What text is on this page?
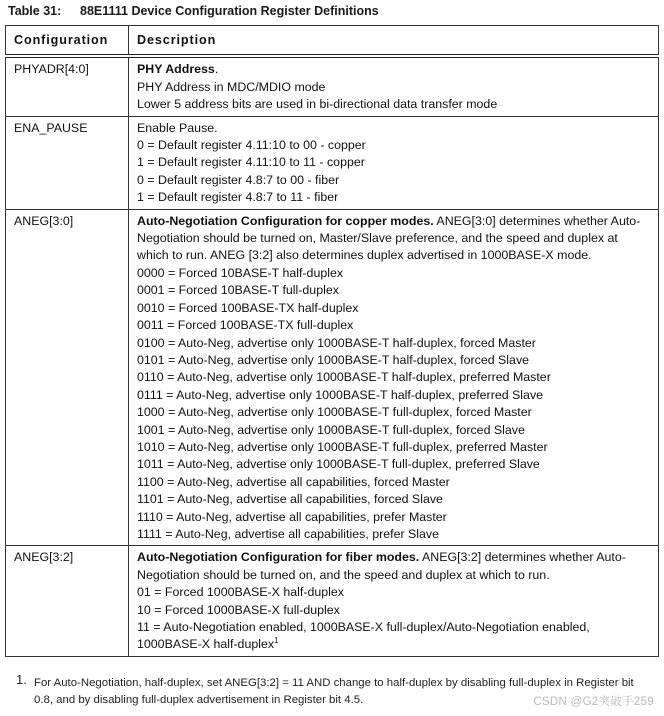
Table 31: 88E1111 Device Configuration Register Definitions
Configuration	Description
PHYADR[4:0]	PHY Address.
PHY Address in MDC/MDIO mode
Lower 5 address bits are used in bi-directional data transfer mode

ENA_PAUSE	Enable Pause.
0 = Default register 4.11:10 to 00 - copper
1 = Default register 4.11:10 to 11 - copper
0 = Default register 4.8:7 to 00 - fiber
1 = Default register 4.8:7 to 11 - fiber

ANEG[3:0]	Auto-Negotiation Configuration for copper modes. ANEG[3:0] determines whether Auto-Negotiation should be turned on, Master/Slave preference, and the speed and duplex at which to run. ANEG [3:2] also determines duplex advertised in 1000BASE-X mode.
0000 = Forced 10BASE-T half-duplex
0001 = Forced 10BASE-T full-duplex
0010 = Forced 100BASE-TX half-duplex
0011 = Forced 100BASE-TX full-duplex
0100 = Auto-Neg, advertise only 1000BASE-T half-duplex, forced Master
0101 = Auto-Neg, advertise only 1000BASE-T half-duplex, forced Slave
0110 = Auto-Neg, advertise only 1000BASE-T half-duplex, preferred Master
0111 = Auto-Neg, advertise only 1000BASE-T half-duplex, preferred Slave
1000 = Auto-Neg, advertise only 1000BASE-T full-duplex, forced Master
1001 = Auto-Neg, advertise only 1000BASE-T full-duplex, forced Slave
1010 = Auto-Neg, advertise only 1000BASE-T full-duplex, preferred Master
1011 = Auto-Neg, advertise only 1000BASE-T full-duplex, preferred Slave
1100 = Auto-Neg, advertise all capabilities, forced Master
1101 = Auto-Neg, advertise all capabilities, forced Slave
1110 = Auto-Neg, advertise all capabilities, prefer Master
1111 = Auto-Neg, advertise all capabilities, prefer Slave

ANEG[3:2]	Auto-Negotiation Configuration for fiber modes. ANEG[3:2] determines whether Auto-Negotiation should be turned on, and the speed and duplex at which to run.
01 = Forced 1000BASE-X half-duplex
10 = Forced 1000BASE-X full-duplex
11 = Auto-Negotiation enabled, 1000BASE-X full-duplex/Auto-Negotiation enabled, 1000BASE-X half-duplex$^1$
1. For Auto-Negotiation, half-duplex, set ANEG[3:2] = 11 AND change to half-duplex by disabling full-duplex in Register bit 0.8, and by disabling full-duplex advertisement in Register bit 4.5.	CSDN @G2突破手259
